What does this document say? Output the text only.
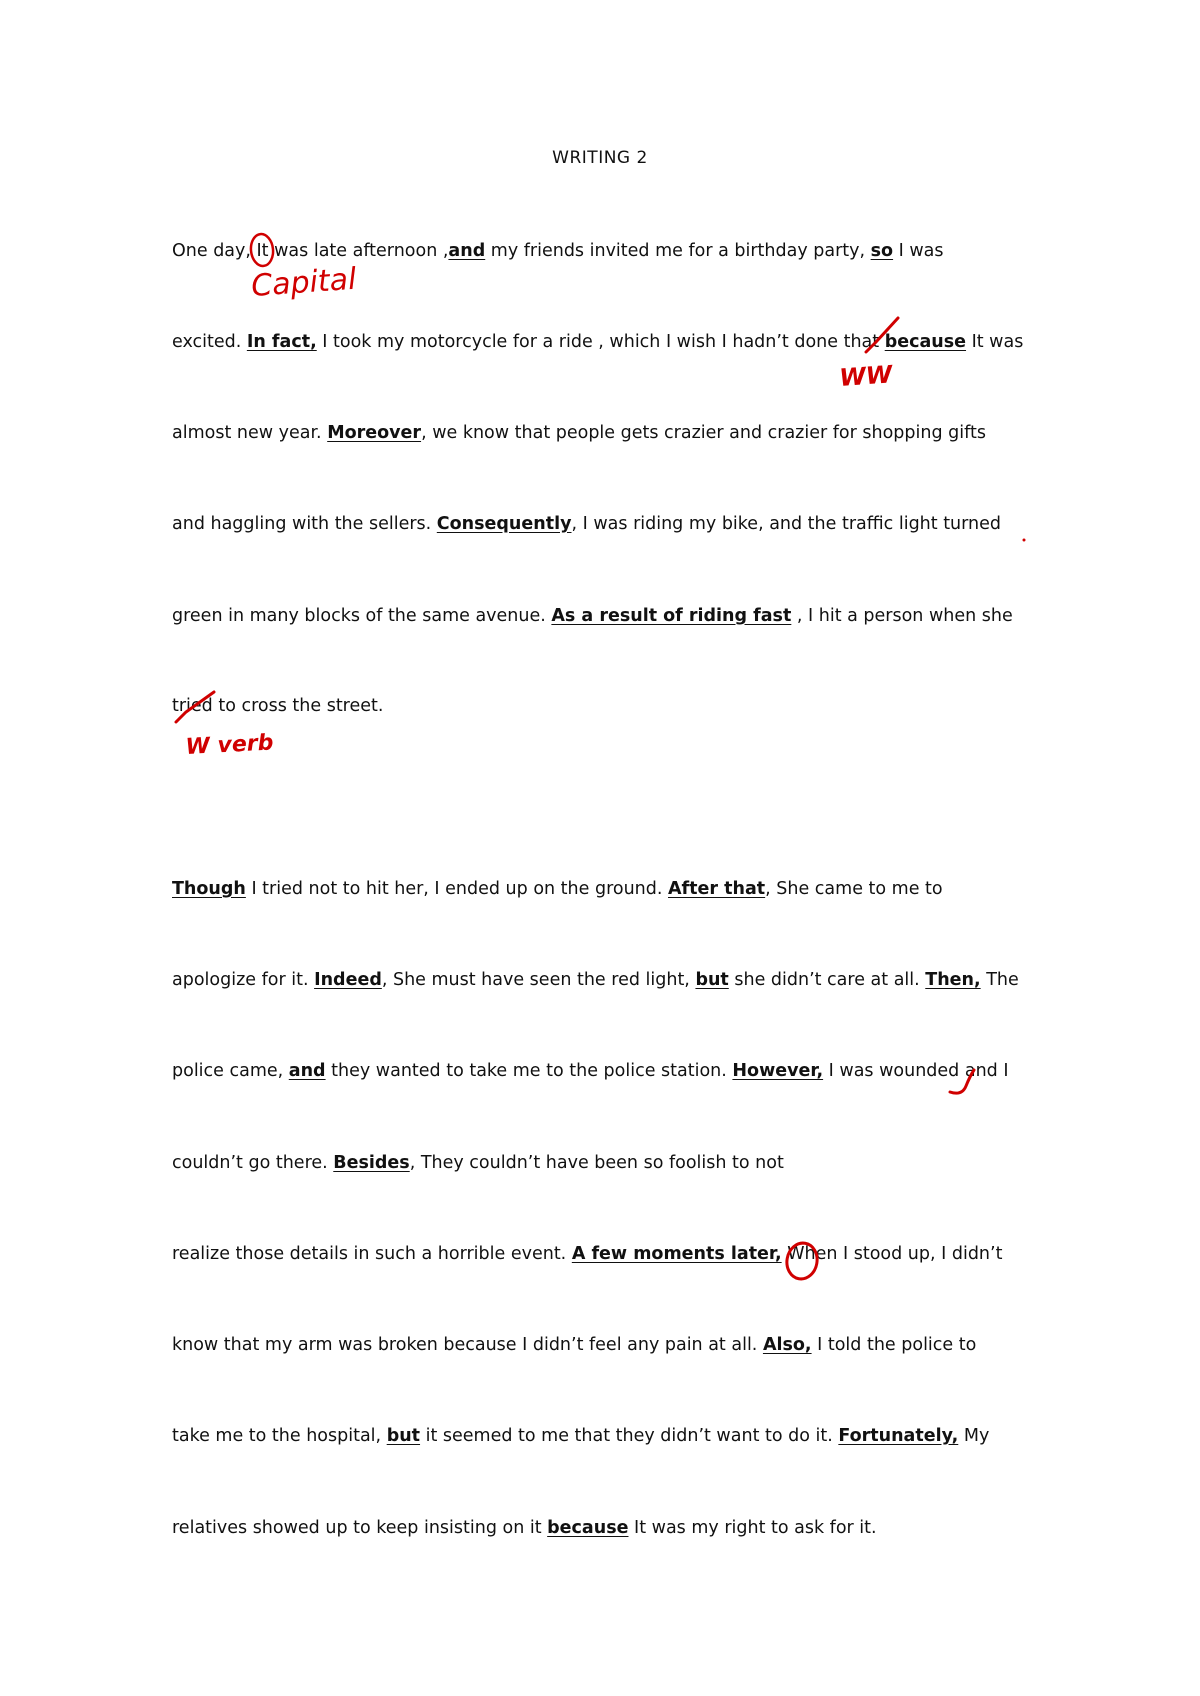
WRITING 2
One day, It was late afternoon ,and my friends invited me for a birthday party, so I was
excited. In fact, I took my motorcycle for a ride , which I wish I hadn’t done that because It was
almost new year. Moreover, we know that people gets crazier and crazier for shopping gifts
and haggling with the sellers. Consequently, I was riding my bike, and the traffic light turned
green in many blocks of the same avenue. As a result of riding fast , I hit a person when she
tried to cross the street.
Though I tried not to hit her, I ended up on the ground. After that, She came to me to
apologize for it. Indeed, She must have seen the red light, but she didn’t care at all. Then, The
police came, and they wanted to take me to the police station. However, I was wounded and I
couldn’t go there. Besides, They couldn’t have been so foolish to not
realize those details in such a horrible event. A few moments later, When I stood up, I didn’t
know that my arm was broken because I didn’t feel any pain at all. Also, I told the police to
take me to the hospital, but it seemed to me that they didn’t want to do it. Fortunately, My
relatives showed up to keep insisting on it because It was my right to ask for it.
Capital
WW
W verb
